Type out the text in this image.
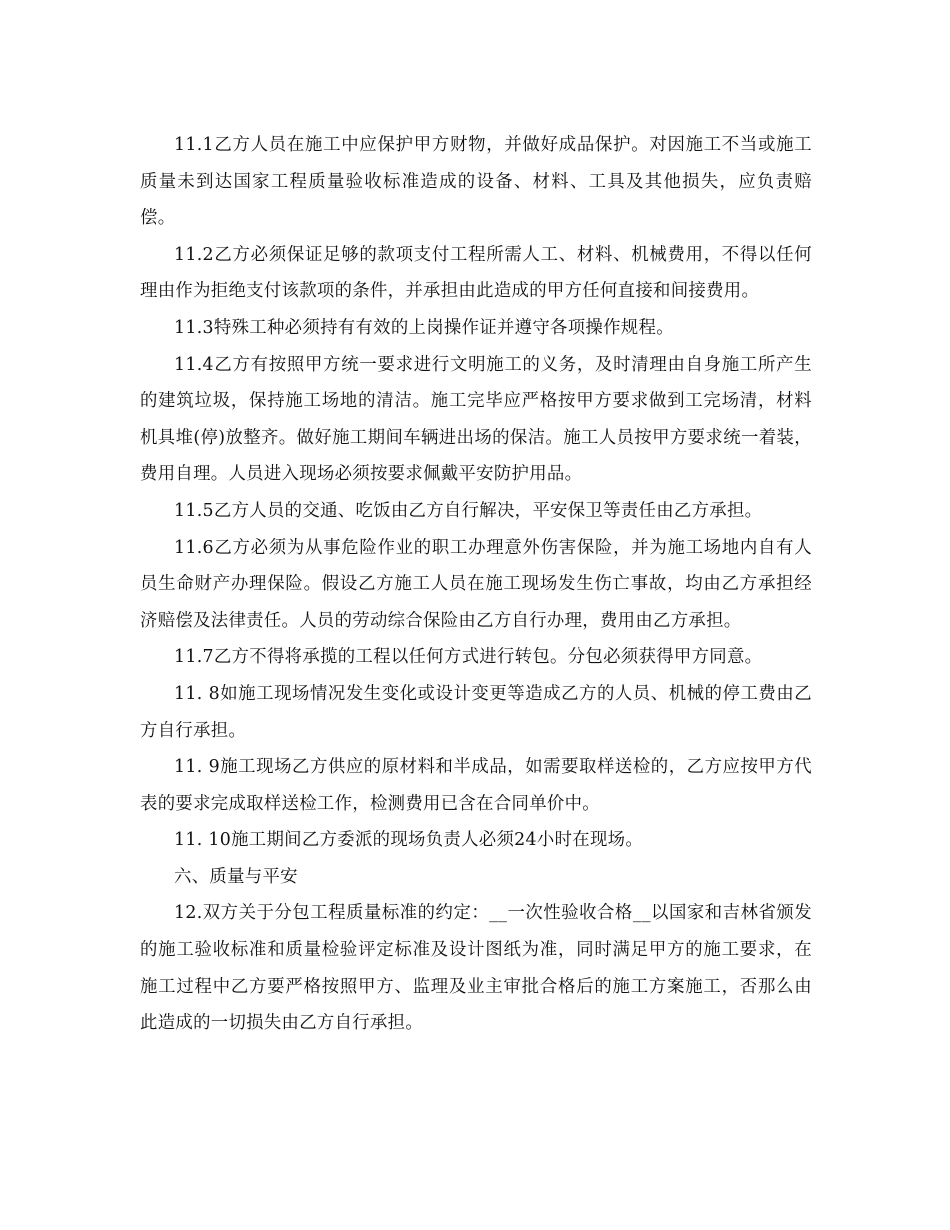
11.1乙方人员在施工中应保护甲方财物，并做好成品保护。对因施工不当或施工质量未到达国家工程质量验收标准造成的设备、材料、工具及其他损失，应负责赔偿。

11.2乙方必须保证足够的款项支付工程所需人工、材料、机械费用，不得以任何理由作为拒绝支付该款项的条件，并承担由此造成的甲方任何直接和间接费用。

11.3特殊工种必须持有有效的上岗操作证并遵守各项操作规程。

11.4乙方有按照甲方统一要求进行文明施工的义务，及时清理由自身施工所产生的建筑垃圾，保持施工场地的清洁。施工完毕应严格按甲方要求做到工完场清，材料机具堆(停)放整齐。做好施工期间车辆进出场的保洁。施工人员按甲方要求统一着装，费用自理。人员进入现场必须按要求佩戴平安防护用品。

11.5乙方人员的交通、吃饭由乙方自行解决，平安保卫等责任由乙方承担。

11.6乙方必须为从事危险作业的职工办理意外伤害保险，并为施工场地内自有人员生命财产办理保险。假设乙方施工人员在施工现场发生伤亡事故，均由乙方承担经济赔偿及法律责任。人员的劳动综合保险由乙方自行办理，费用由乙方承担。

11.7乙方不得将承揽的工程以任何方式进行转包。分包必须获得甲方同意。

11. 8如施工现场情况发生变化或设计变更等造成乙方的人员、机械的停工费由乙方自行承担。

11. 9施工现场乙方供应的原材料和半成品，如需要取样送检的，乙方应按甲方代表的要求完成取样送检工作，检测费用已含在合同单价中。

11. 10施工期间乙方委派的现场负责人必须24小时在现场。

六、质量与平安

12.双方关于分包工程质量标准的约定：__一次性验收合格__以国家和吉林省颁发的施工验收标准和质量检验评定标准及设计图纸为准，同时满足甲方的施工要求，在施工过程中乙方要严格按照甲方、监理及业主审批合格后的施工方案施工，否那么由此造成的一切损失由乙方自行承担。
